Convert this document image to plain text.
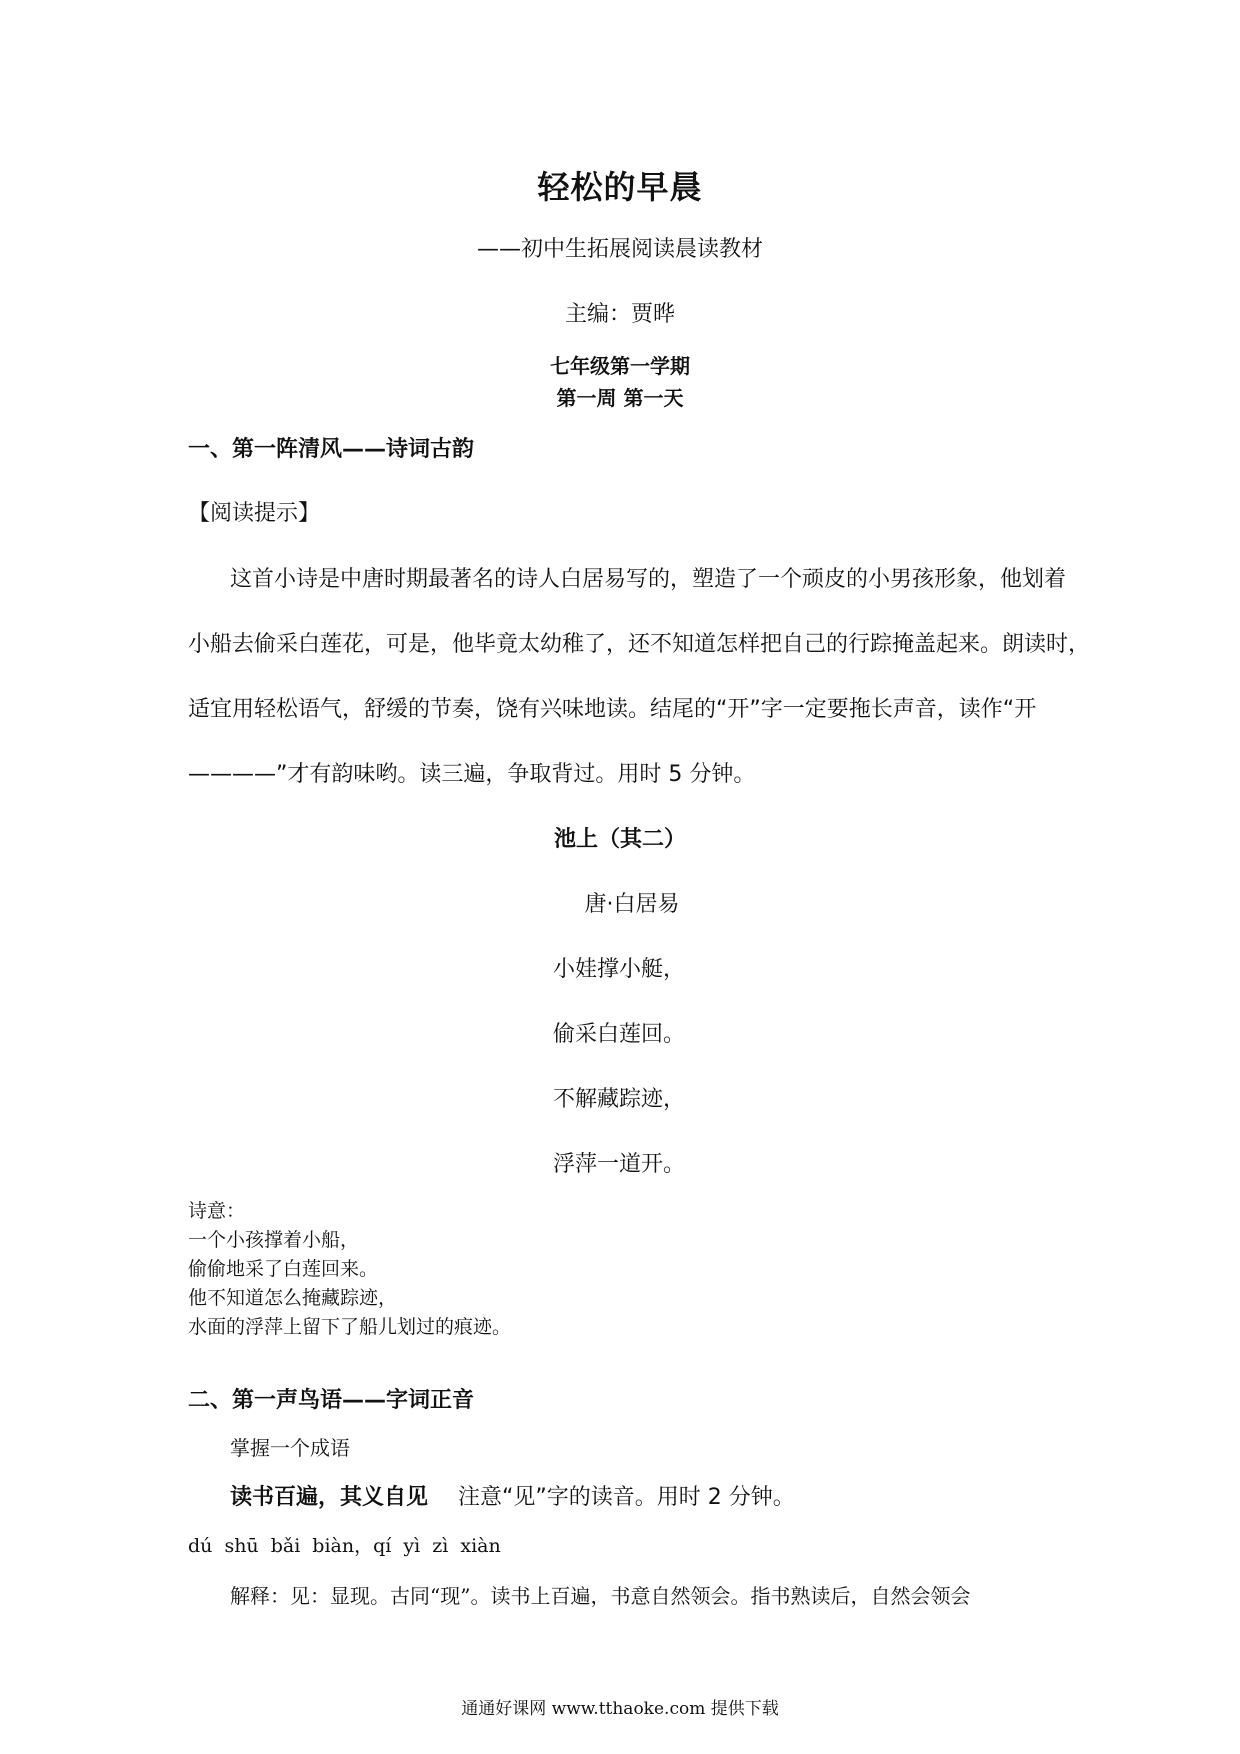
轻松的早晨
——初中生拓展阅读晨读教材
主编：贾晔
七年级第一学期
第一周 第一天
一、第一阵清风——诗词古韵
【阅读提示】
这首小诗是中唐时期最著名的诗人白居易写的，塑造了一个顽皮的小男孩形象，他划着
小船去偷采白莲花，可是，他毕竟太幼稚了，还不知道怎样把自己的行踪掩盖起来。朗读时，
适宜用轻松语气，舒缓的节奏，饶有兴味地读。结尾的“开”字一定要拖长声音，读作“开
————”才有韵味哟。读三遍，争取背过。用时 5 分钟。
池上（其二）
唐·白居易
小娃撑小艇，
偷采白莲回。
不解藏踪迹，
浮萍一道开。
诗意：
一个小孩撑着小船，
偷偷地采了白莲回来。
他不知道怎么掩藏踪迹，
水面的浮萍上留下了船儿划过的痕迹。
二、第一声鸟语——字词正音
掌握一个成语
读书百遍，其义自见 注意“见”字的读音。用时 2 分钟。
dú shū bǎi biàn，qí yì zì xiàn
解释：见：显现。古同“现”。读书上百遍，书意自然领会。指书熟读后，自然会领会
通通好课网 www.tthaoke.com 提供下载
